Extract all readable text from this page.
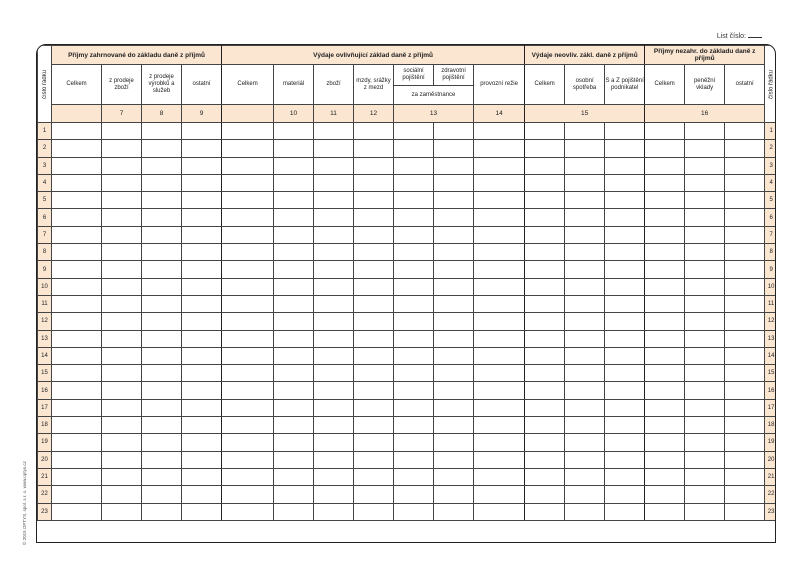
List číslo:
© 2015 OPTYS, spol. s r. o. www.optys.cz
číslo řádku	Příjmy zahrnované do základu daně z příjmů				Výdaje ovlivňující základ daně z příjmů							Výdaje neovliv. zákl. daně z příjmů			Příjmy nezahr. do základu daně z příjmů			číslo řádku
	Celkem	z prodeje zboží	z prodeje výrobků a služeb	ostatní	Celkem	materiál	zboží	mzdy, srážky z mezd	sociální pojištění	zdravotní pojištění	provozní režie	Celkem	osobní spotřeba	S a Z pojištění podnikatel	Celkem	peněžní vklady	ostatní	
									za zaměstnance									
		7	8	9		10	11	12	13		14	15			16			
1																		1
2																		2
3																		3
4																		4
5																		5
6																		6
7																		7
8																		8
9																		9
10																		10
11																		11
12																		12
13																		13
14																		14
15																		15
16																		16
17																		17
18																		18
19																		19
20																		20
21																		21
22																		22
23																		23
